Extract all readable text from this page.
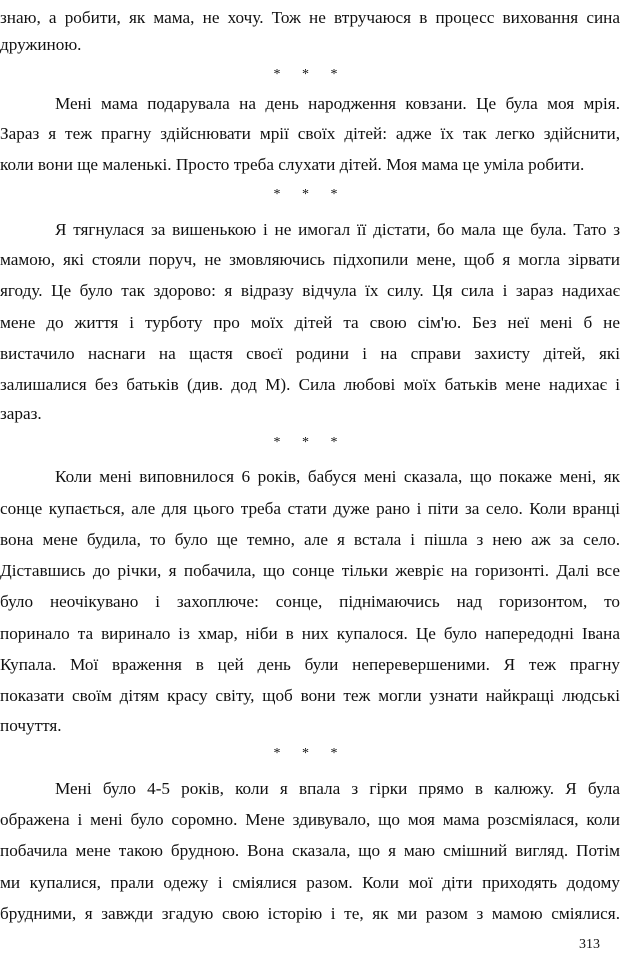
знаю, а робити, як мама, не хочу. Тож не втручаюся в процесс виховання сина
дружиною.
* * *
Мені мама подарувала на день народження ковзани. Це була моя мрія.
Зараз я теж прагну здійснювати мрії своїх дітей: адже їх так легко здійснити,
коли вони ще маленькі. Просто треба слухати дітей. Моя мама це уміла робити.
* * *
Я тягнулася за вишенькою і не имогал її дістати, бо мала ще була. Тато з
мамою, які стояли поруч, не змовляючись підхопили мене, щоб я могла зірвати
ягоду. Це було так здорово: я відразу відчула їх силу. Ця сила і зараз надихає
мене до життя і турботу про моїх дітей та свою сім'ю. Без неї мені б не
вистачило наснаги на щастя своєї родини і на справи захисту дітей, які
залишалися без батьків (див. дод М). Сила любові моїх батьків мене надихає і
зараз.
* * *
Коли мені виповнилося 6 років, бабуся мені сказала, що покаже мені, як
сонце купається, але для цього треба стати дуже рано і піти за село. Коли вранці
вона мене будила, то було ще темно, але я встала і пішла з нею аж за село.
Діставшись до річки, я побачила, що сонце тільки жевріє на горизонті. Далі все
було неочікувано і захоплюче: сонце, піднімаючись над горизонтом, то
поринало та виринало із хмар, ніби в них купалося. Це було напередодні Івана
Купала. Мої враження в цей день були неперевершеними. Я теж прагну
показати своїм дітям красу світу, щоб вони теж могли узнати найкращі людські
почуття.
* * *
Мені було 4-5 років, коли я впала з гірки прямо в калюжу. Я була
ображена і мені було соромно. Мене здивувало, що моя мама розсміялася, коли
побачила мене такою брудною. Вона сказала, що я маю смішний вигляд. Потім
ми купалися, прали одежу і сміялися разом. Коли мої діти приходять додому
брудними, я завжди згадую свою історію і те, як ми разом з мамою сміялися.
313
